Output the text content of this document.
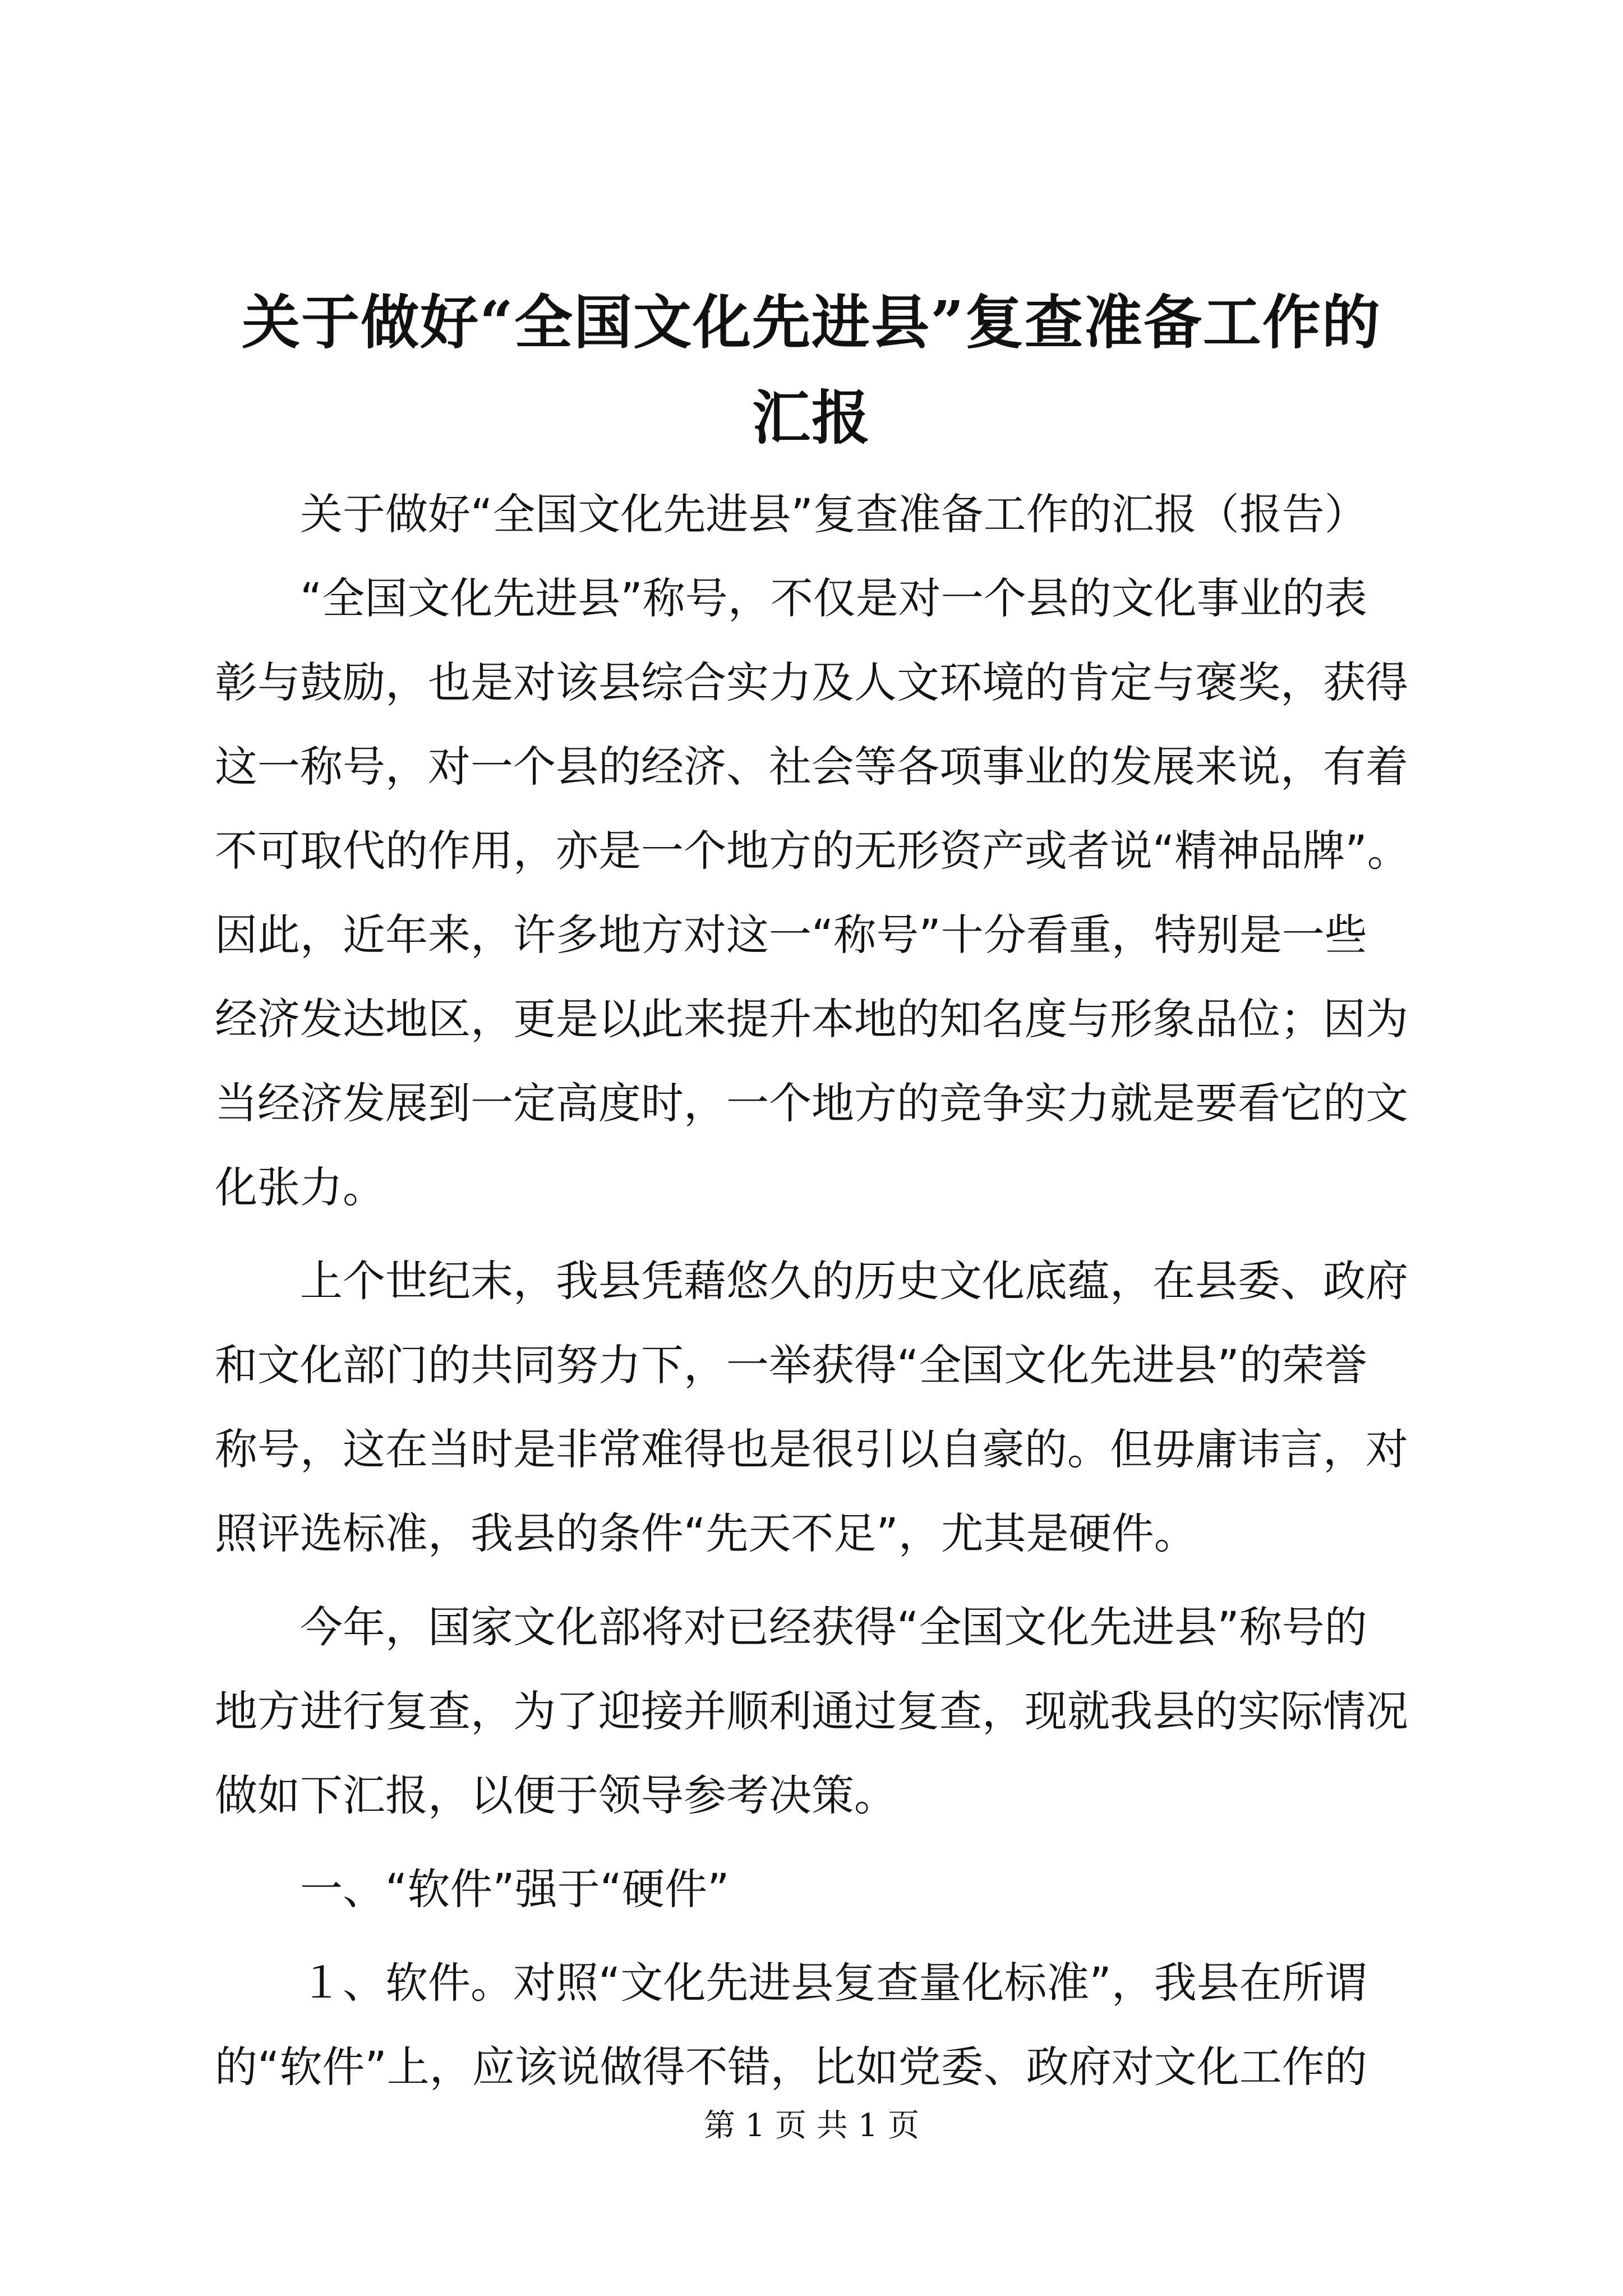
关于做好“全国文化先进县”复查准备工作的
汇报
　　关于做好“全国文化先进县”复查准备工作的汇报（报告）
　　“全国文化先进县”称号，不仅是对一个县的文化事业的表
彰与鼓励，也是对该县综合实力及人文环境的肯定与褒奖，获得
这一称号，对一个县的经济、社会等各项事业的发展来说，有着
不可取代的作用，亦是一个地方的无形资产或者说“精神品牌”。
因此，近年来，许多地方对这一“称号”十分看重，特别是一些
经济发达地区，更是以此来提升本地的知名度与形象品位；因为
当经济发展到一定高度时，一个地方的竞争实力就是要看它的文
化张力。
　　上个世纪末，我县凭藉悠久的历史文化底蕴，在县委、政府
和文化部门的共同努力下，一举获得“全国文化先进县”的荣誉
称号，这在当时是非常难得也是很引以自豪的。但毋庸讳言，对
照评选标准，我县的条件“先天不足”，尤其是硬件。
　　今年，国家文化部将对已经获得“全国文化先进县”称号的
地方进行复查，为了迎接并顺利通过复查，现就我县的实际情况
做如下汇报，以便于领导参考决策。
　　一、“软件”强于“硬件”
　　１、软件。对照“文化先进县复查量化标准”，我县在所谓
的“软件”上，应该说做得不错，比如党委、政府对文化工作的
第 1 页 共 1 页
